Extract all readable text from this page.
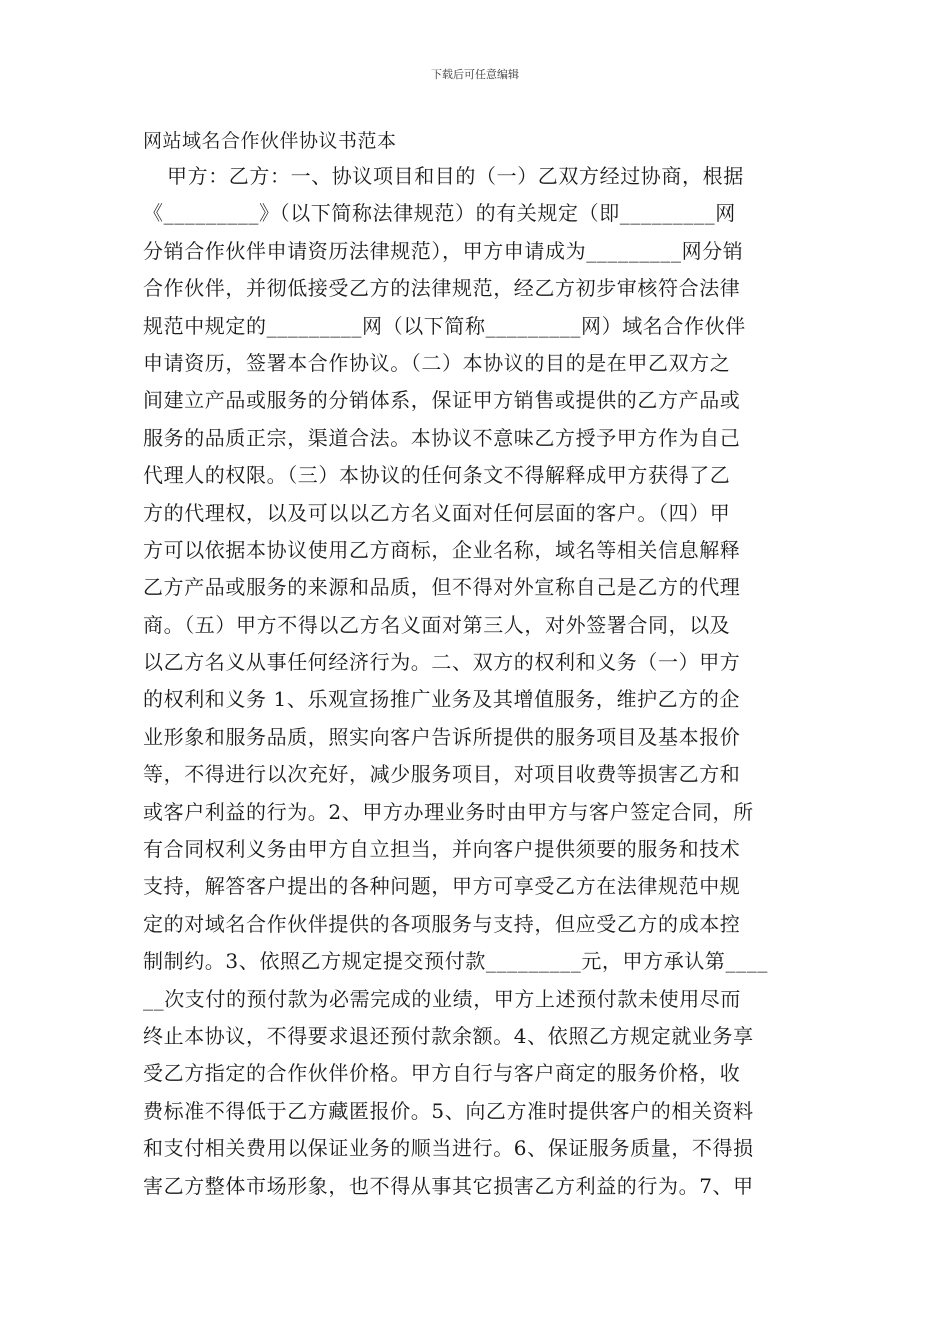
下载后可任意编辑
网站域名合作伙伴协议书范本
甲方：乙方：一、协议项目和目的（一）乙双方经过协商，根据
《_________》（以下简称法律规范）的有关规定（即_________网
分销合作伙伴申请资历法律规范），甲方申请成为_________网分销
合作伙伴，并彻低接受乙方的法律规范，经乙方初步审核符合法律
规范中规定的_________网（以下简称_________网）域名合作伙伴
申请资历，签署本合作协议。（二）本协议的目的是在甲乙双方之
间建立产品或服务的分销体系，保证甲方销售或提供的乙方产品或
服务的品质正宗，渠道合法。本协议不意味乙方授予甲方作为自己
代理人的权限。（三）本协议的任何条文不得解释成甲方获得了乙
方的代理权，以及可以以乙方名义面对任何层面的客户。（四）甲
方可以依据本协议使用乙方商标，企业名称，域名等相关信息解释
乙方产品或服务的来源和品质，但不得对外宣称自己是乙方的代理
商。（五）甲方不得以乙方名义面对第三人，对外签署合同，以及
以乙方名义从事任何经济行为。二、双方的权利和义务（一）甲方
的权利和义务 1、乐观宣扬推广业务及其增值服务，维护乙方的企
业形象和服务品质，照实向客户告诉所提供的服务项目及基本报价
等，不得进行以次充好，减少服务项目，对项目收费等损害乙方和
或客户利益的行为。2、甲方办理业务时由甲方与客户签定合同，所
有合同权利义务由甲方自立担当，并向客户提供须要的服务和技术
支持，解答客户提出的各种问题，甲方可享受乙方在法律规范中规
定的对域名合作伙伴提供的各项服务与支持，但应受乙方的成本控
制制约。3、依照乙方规定提交预付款_________元，甲方承认第____
__次支付的预付款为必需完成的业绩，甲方上述预付款未使用尽而
终止本协议，不得要求退还预付款余额。4、依照乙方规定就业务享
受乙方指定的合作伙伴价格。甲方自行与客户商定的服务价格，收
费标准不得低于乙方藏匿报价。5、向乙方准时提供客户的相关资料
和支付相关费用以保证业务的顺当进行。6、保证服务质量，不得损
害乙方整体市场形象，也不得从事其它损害乙方利益的行为。7、甲
